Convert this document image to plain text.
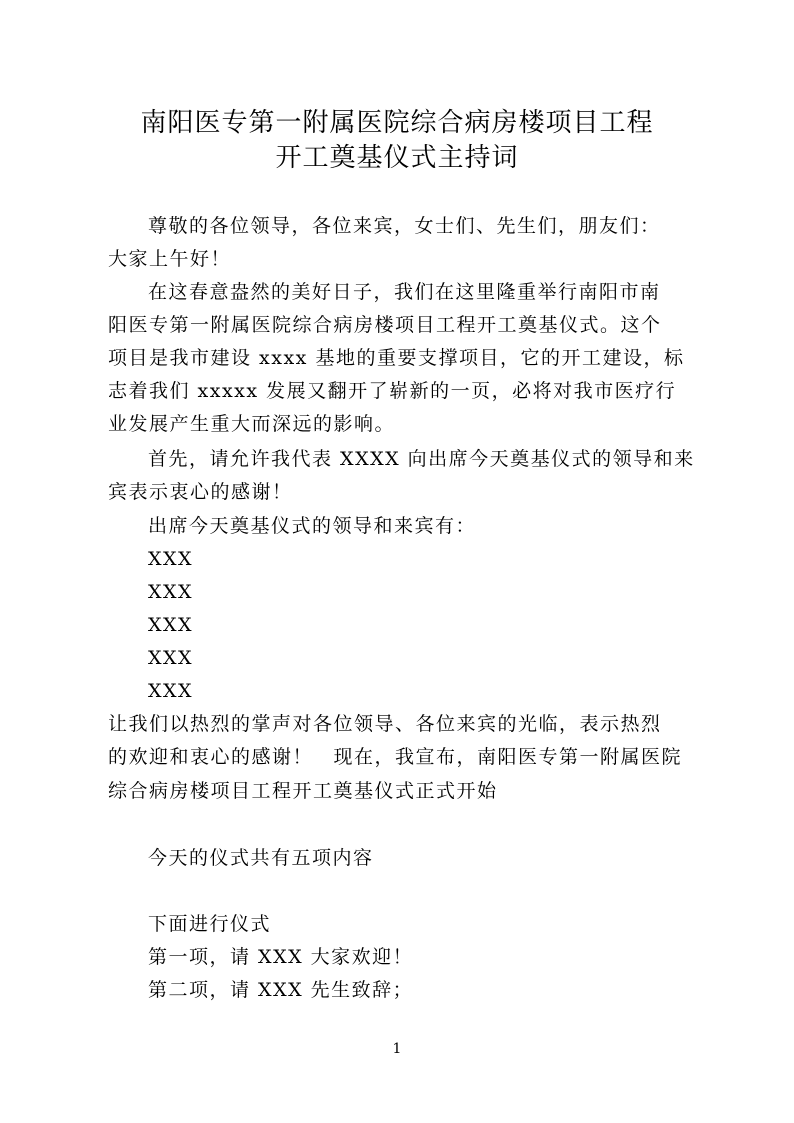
南阳医专第一附属医院综合病房楼项目工程
开工奠基仪式主持词
尊敬的各位领导，各位来宾，女士们、先生们，朋友们：
大家上午好！
在这春意盎然的美好日子，我们在这里隆重举行南阳市南
阳医专第一附属医院综合病房楼项目工程开工奠基仪式。这个
项目是我市建设 xxxx 基地的重要支撑项目，它的开工建设，标
志着我们 xxxxx 发展又翻开了崭新的一页，必将对我市医疗行
业发展产生重大而深远的影响。
首先，请允许我代表 XXXX 向出席今天奠基仪式的领导和来
宾表示衷心的感谢！
出席今天奠基仪式的领导和来宾有：
XXX
XXX
XXX
XXX
XXX
让我们以热烈的掌声对各位领导、各位来宾的光临，表示热烈
的欢迎和衷心的感谢！　现在，我宣布，南阳医专第一附属医院
综合病房楼项目工程开工奠基仪式正式开始
今天的仪式共有五项内容
下面进行仪式
第一项，请 XXX 大家欢迎！
第二项，请 XXX 先生致辞；
1
